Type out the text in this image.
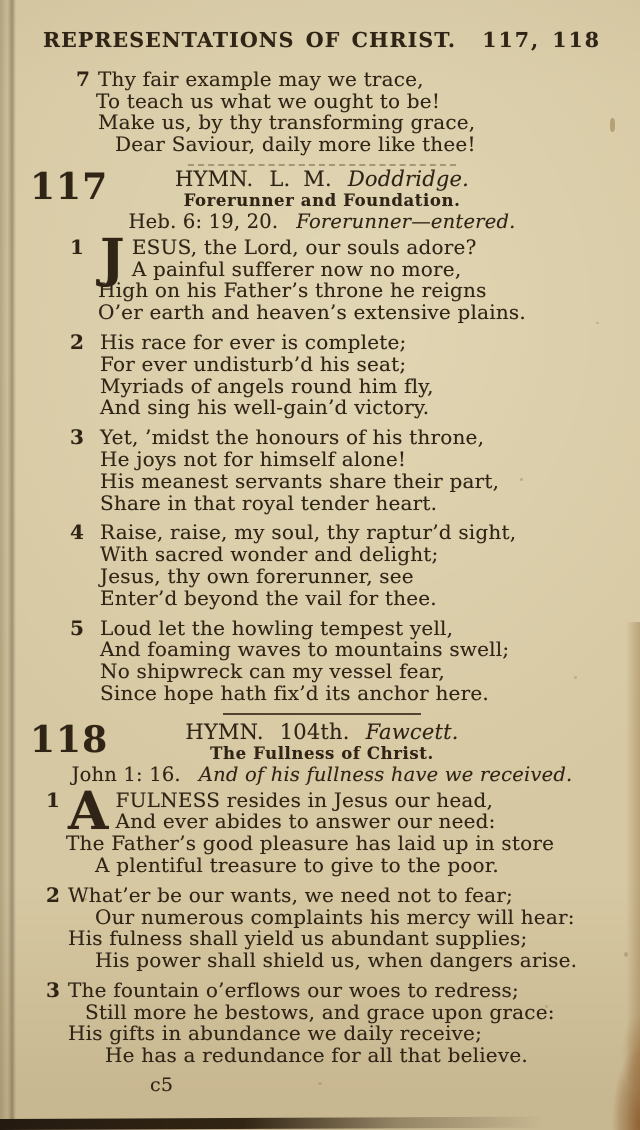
REPRESENTATIONS OF CHRIST. 117, 118
7 Thy fair example may we trace,
To teach us what we ought to be!
Make us, by thy transforming grace,
Dear Saviour, daily more like thee!
117	HYMN. L. M. Doddridge.
Forerunner and Foundation.
Heb. 6: 19, 20. Forerunner—entered.
1 J ESUS, the Lord, our souls adore?
A painful sufferer now no more,
High on his Father’s throne he reigns
O’er earth and heaven’s extensive plains.
2 His race for ever is complete;
For ever undisturb’d his seat;
Myriads of angels round him fly,
And sing his well-gain’d victory.
3 Yet, ’midst the honours of his throne,
He joys not for himself alone!
His meanest servants share their part,
Share in that royal tender heart.
4 Raise, raise, my soul, thy raptur’d sight,
With sacred wonder and delight;
Jesus, thy own forerunner, see
Enter’d beyond the vail for thee.
5 Loud let the howling tempest yell,
And foaming waves to mountains swell;
No shipwreck can my vessel fear,
Since hope hath fix’d its anchor here.
118	HYMN. 104th. Fawcett.
The Fullness of Christ.
John 1: 16. And of his fullness have we received.
1 A FULNESS resides in Jesus our head,
And ever abides to answer our need:
The Father’s good pleasure has laid up in store
A plentiful treasure to give to the poor.
2 What’er be our wants, we need not to fear;
Our numerous complaints his mercy will hear:
His fulness shall yield us abundant supplies;
His power shall shield us, when dangers arise.
3 The fountain o’erflows our woes to redress;
Still more he bestows, and grace upon grace:
His gifts in abundance we daily receive;
He has a redundance for all that believe.
c5
